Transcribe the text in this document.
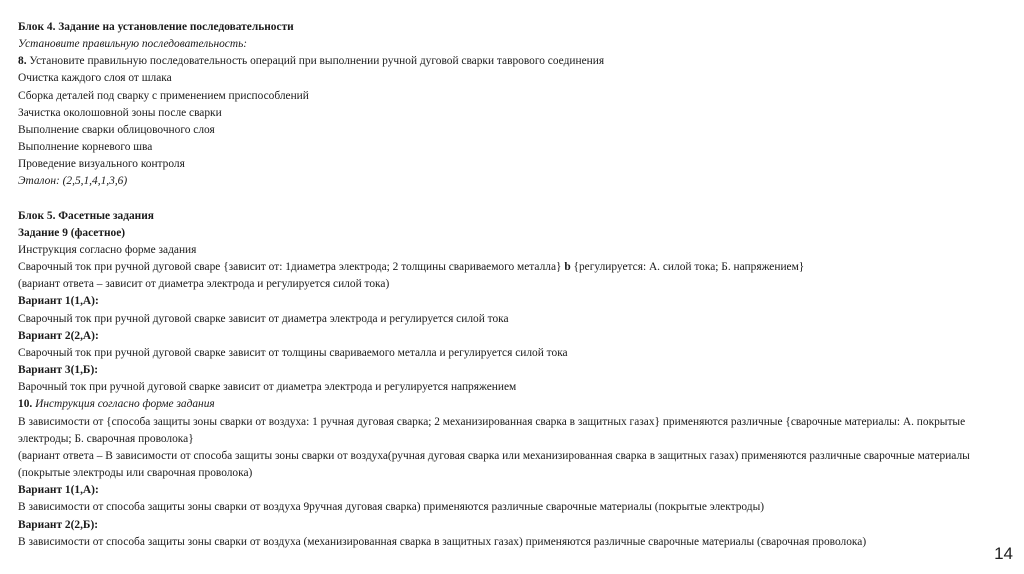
Блок 4. Задание на установление последовательности
Установите правильную последовательность:
8. Установите правильную последовательность операций при выполнении ручной дуговой сварки таврового соединения
Очистка каждого слоя от шлака
Сборка деталей под сварку с применением приспособлений
Зачистка околошовной зоны после сварки
Выполнение сварки облицовочного слоя
Выполнение корневого шва
Проведение визуального контроля
Эталон: (2,5,1,4,1,3,6)
Блок 5. Фасетные задания
Задание 9 (фасетное)
Инструкция согласно форме задания
Сварочный ток при ручной дуговой сваре {зависит от: 1диаметра электрода; 2 толщины свариваемого металла} b {регулируется: А. силой тока; Б. напряжением}
(вариант ответа – зависит от диаметра электрода и регулируется силой тока)
Вариант 1(1,А):
Сварочный ток при ручной дуговой сварке зависит от диаметра электрода и регулируется силой тока
Вариант 2(2,А):
Сварочный ток при ручной дуговой сварке зависит от толщины свариваемого металла и регулируется силой тока
Вариант 3(1,Б):
Варочный ток при ручной дуговой сварке зависит от диаметра электрода и регулируется напряжением
10. Инструкция согласно форме задания
В зависимости от {способа защиты зоны сварки от воздуха: 1 ручная дуговая сварка; 2 механизированная сварка в защитных газах} применяются различные {сварочные материалы: А. покрытые электроды; Б. сварочная проволока}
(вариант ответа – В зависимости от способа защиты зоны сварки от воздуха(ручная дуговая сварка или механизированная сварка в защитных газах) применяются различные сварочные материалы (покрытые электроды или сварочная проволока)
Вариант 1(1,А):
В зависимости от способа защиты зоны сварки от воздуха 9ручная дуговая сварка) применяются различные сварочные материалы (покрытые электроды)
Вариант 2(2,Б):
В зависимости от способа защиты зоны сварки от воздуха (механизированная сварка в защитных газах) применяются различные сварочные материалы (сварочная проволока)
14
